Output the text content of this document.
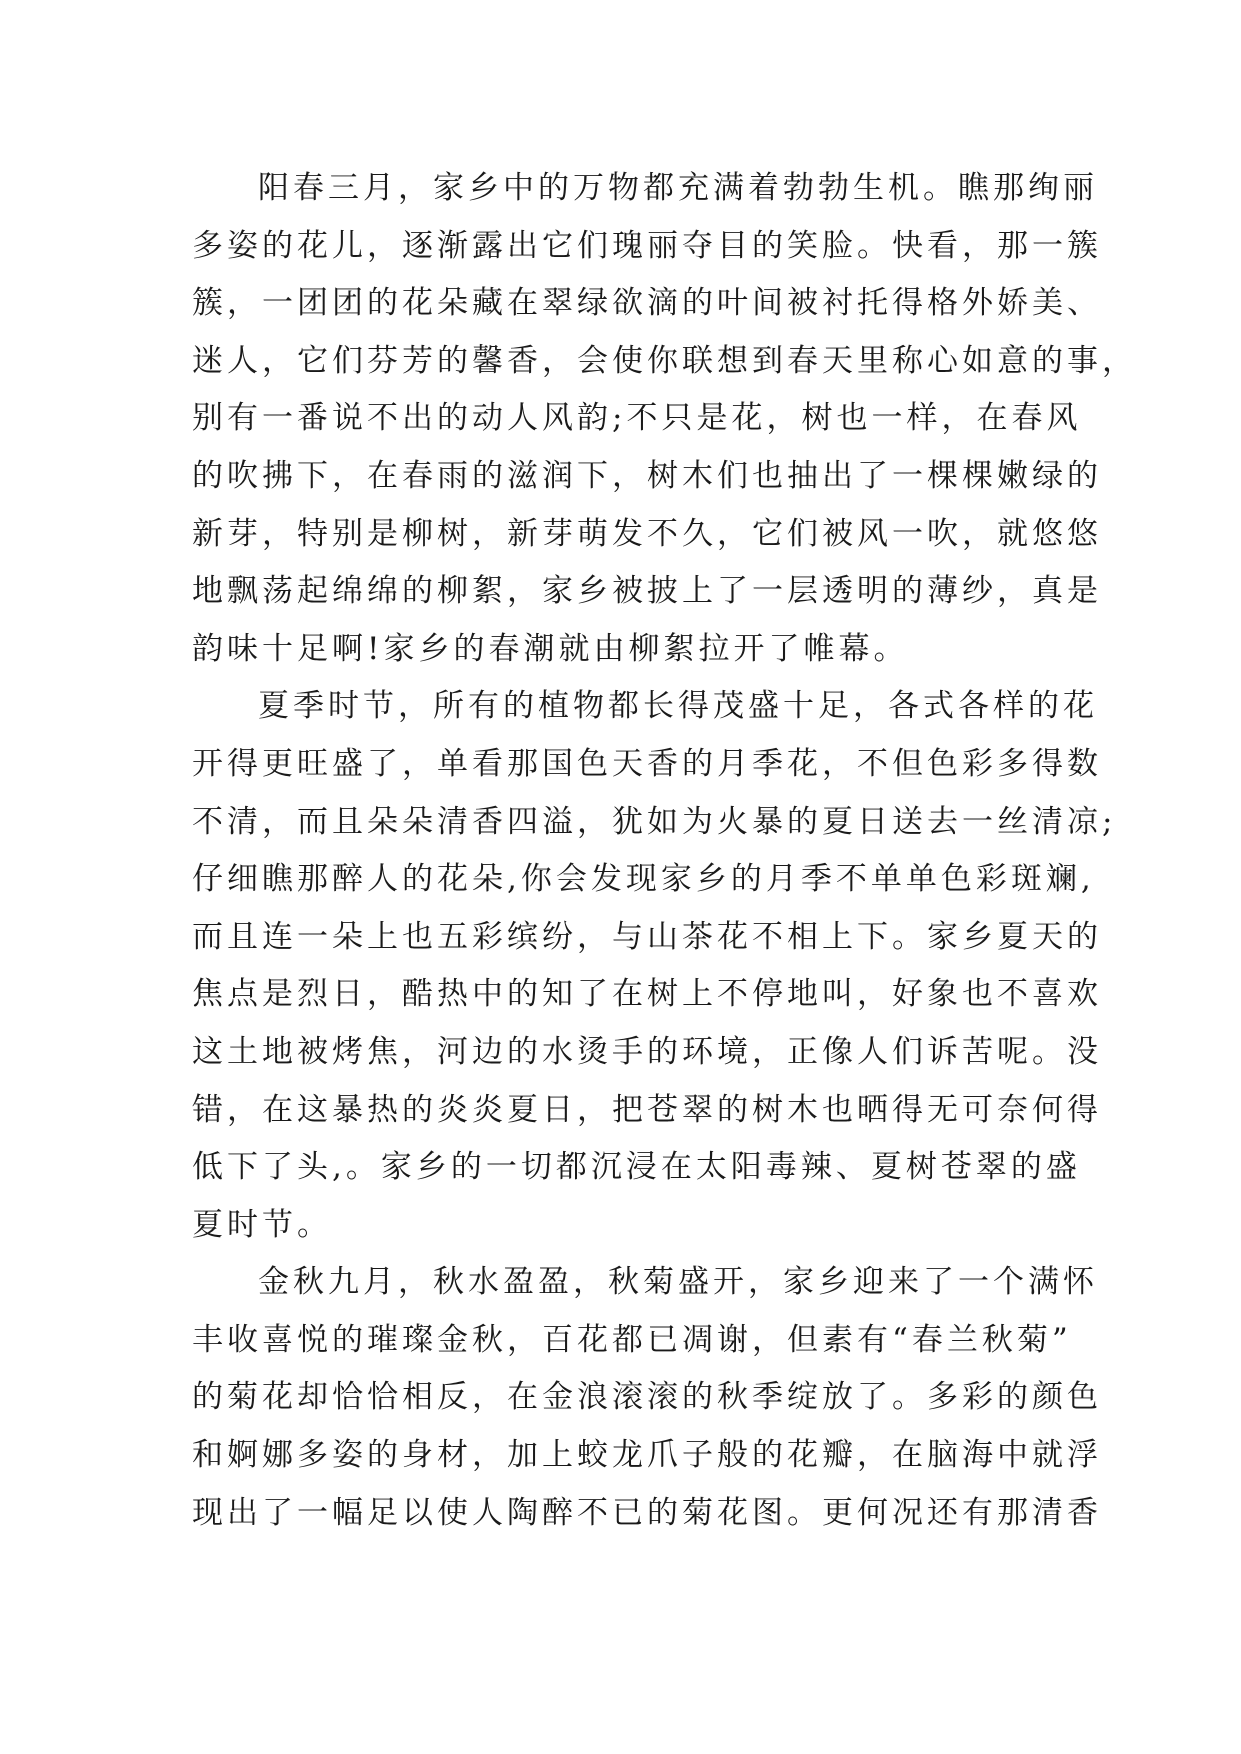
阳春三月，家乡中的万物都充满着勃勃生机。瞧那绚丽
多姿的花儿，逐渐露出它们瑰丽夺目的笑脸。快看，那一簇
簇，一团团的花朵藏在翠绿欲滴的叶间被衬托得格外娇美、
迷人，它们芬芳的馨香，会使你联想到春天里称心如意的事，
别有一番说不出的动人风韵;不只是花，树也一样，在春风
的吹拂下，在春雨的滋润下，树木们也抽出了一棵棵嫩绿的
新芽，特别是柳树，新芽萌发不久，它们被风一吹，就悠悠
地飘荡起绵绵的柳絮，家乡被披上了一层透明的薄纱，真是
韵味十足啊!家乡的春潮就由柳絮拉开了帷幕。
夏季时节，所有的植物都长得茂盛十足，各式各样的花
开得更旺盛了，单看那国色天香的月季花，不但色彩多得数
不清，而且朵朵清香四溢，犹如为火暴的夏日送去一丝清凉;
仔细瞧那醉人的花朵,你会发现家乡的月季不单单色彩斑斓,
而且连一朵上也五彩缤纷，与山茶花不相上下。家乡夏天的
焦点是烈日，酷热中的知了在树上不停地叫，好象也不喜欢
这土地被烤焦，河边的水烫手的环境，正像人们诉苦呢。没
错，在这暴热的炎炎夏日，把苍翠的树木也晒得无可奈何得
低下了头,。家乡的一切都沉浸在太阳毒辣、夏树苍翠的盛
夏时节。
金秋九月，秋水盈盈，秋菊盛开，家乡迎来了一个满怀
丰收喜悦的璀璨金秋，百花都已凋谢，但素有“春兰秋菊”
的菊花却恰恰相反，在金浪滚滚的秋季绽放了。多彩的颜色
和婀娜多姿的身材，加上蛟龙爪子般的花瓣，在脑海中就浮
现出了一幅足以使人陶醉不已的菊花图。更何况还有那清香
